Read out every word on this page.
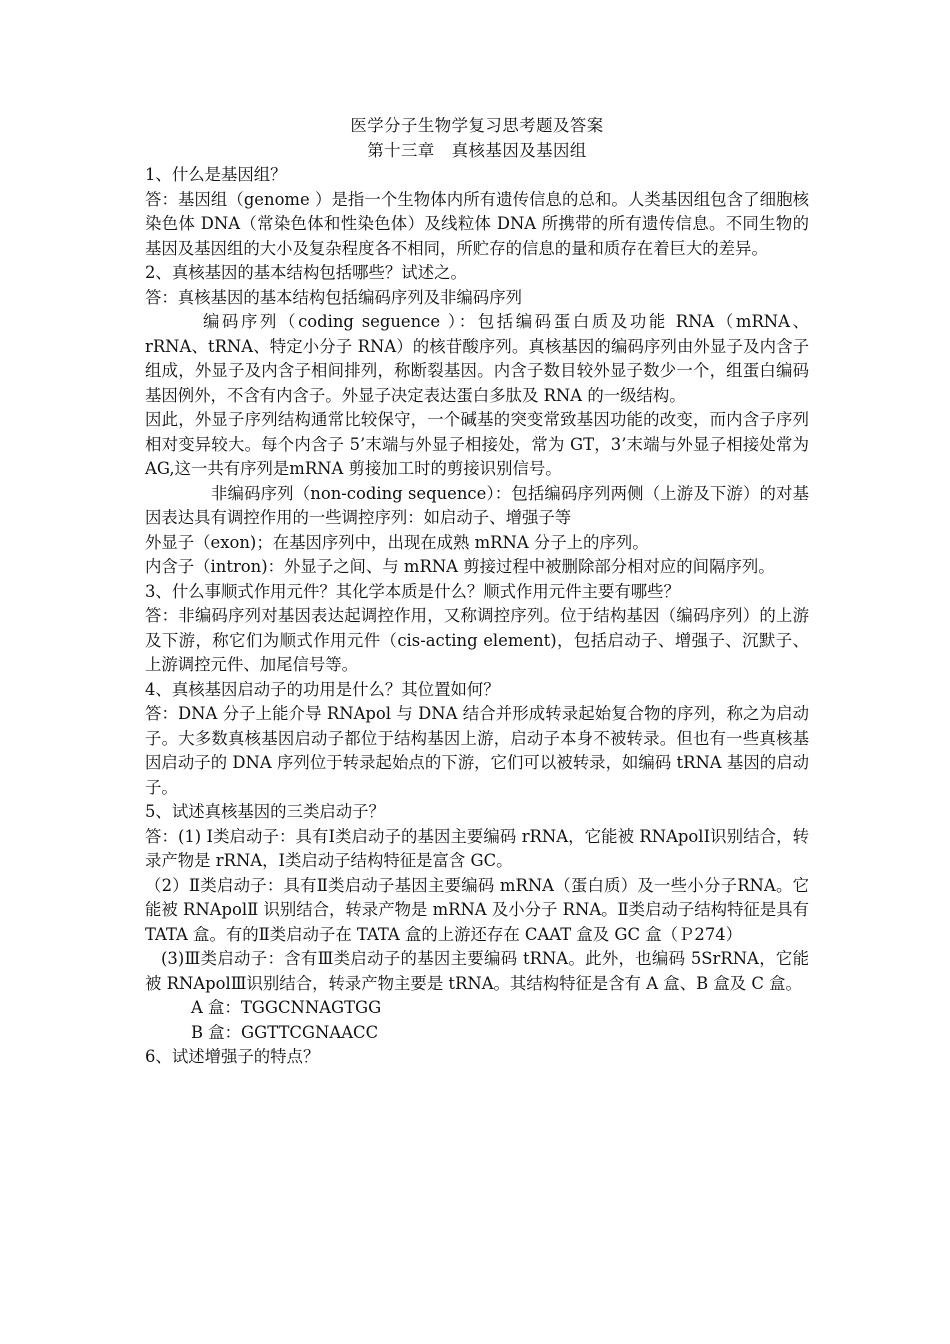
医学分子生物学复习思考题及答案

第十三章　真核基因及基因组

1、什么是基因组？

答：基因组（genome ）是指一个生物体内所有遗传信息的总和。人类基因组包含了细胞核染色体 DNA（常染色体和性染色体）及线粒体 DNA 所携带的所有遗传信息。不同生物的基因及基因组的大小及复杂程度各不相同，所贮存的信息的量和质存在着巨大的差异。

2、真核基因的基本结构包括哪些？试述之。

答：真核基因的基本结构包括编码序列及非编码序列

编码序列（coding seguence ）：包括编码蛋白质及功能 RNA（mRNA、rRNA、tRNA、特定小分子 RNA）的核苷酸序列。真核基因的编码序列由外显子及内含子组成，外显子及内含子相间排列，称断裂基因。内含子数目较外显子数少一个，组蛋白编码基因例外，不含有内含子。外显子决定表达蛋白多肽及 RNA 的一级结构。

因此，外显子序列结构通常比较保守，一个碱基的突变常致基因功能的改变，而内含子序列相对变异较大。每个内含子 5’末端与外显子相接处，常为 GT，3’末端与外显子相接处常为AG,这一共有序列是mRNA 剪接加工时的剪接识别信号。

非编码序列（non-coding sequence）：包括编码序列两侧（上游及下游）的对基因表达具有调控作用的一些调控序列：如启动子、增强子等

外显子（exon)；在基因序列中，出现在成熟 mRNA 分子上的序列。

内含子（intron)：外显子之间、与 mRNA 剪接过程中被删除部分相对应的间隔序列。

3、什么事顺式作用元件？其化学本质是什么？顺式作用元件主要有哪些？

答：非编码序列对基因表达起调控作用，又称调控序列。位于结构基因（编码序列）的上游及下游，称它们为顺式作用元件（cis-acting element)，包括启动子、增强子、沉默子、上游调控元件、加尾信号等。

4、真核基因启动子的功用是什么？其位置如何？

答：DNA 分子上能介导 RNApol 与 DNA 结合并形成转录起始复合物的序列，称之为启动子。大多数真核基因启动子都位于结构基因上游，启动子本身不被转录。但也有一些真核基因启动子的 DNA 序列位于转录起始点的下游，它们可以被转录，如编码 tRNA 基因的启动子。

5、试述真核基因的三类启动子？

答：(1) Ⅰ类启动子：具有Ⅰ类启动子的基因主要编码 rRNA，它能被 RNApolⅠ识别结合，转录产物是 rRNA，Ⅰ类启动子结构特征是富含 GC。

（2）Ⅱ类启动子：具有Ⅱ类启动子基因主要编码 mRNA（蛋白质）及一些小分子RNA。它能被 RNApolⅡ 识别结合，转录产物是 mRNA 及小分子 RNA。Ⅱ类启动子结构特征是具有 TATA 盒。有的Ⅱ类启动子在 TATA 盒的上游还存在 CAAT 盒及 GC 盒（Ｐ274）

(3)Ⅲ类启动子：含有Ⅲ类启动子的基因主要编码 tRNA。此外，也编码 5SrRNA，它能被 RNApolⅢ识别结合，转录产物主要是 tRNA。其结构特征是含有 A 盒、B 盒及 C 盒。

A 盒：TGGCNNAGTGG

B 盒：GGTTCGNAACC

6、试述增强子的特点？
